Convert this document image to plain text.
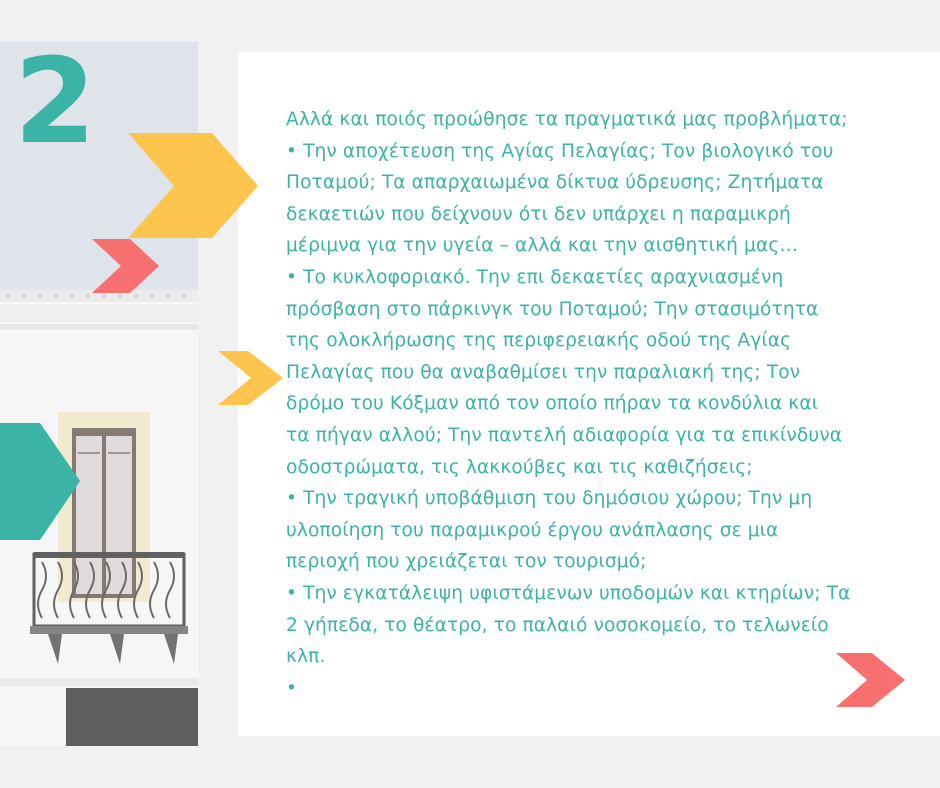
2	Αλλά και ποιός προώθησε τα πραγματικά μας προβλήματα;

• Την αποχέτευση της Αγίας Πελαγίας; Τον βιολογικό του

Ποταμού; Τα απαρχαιωμένα δίκτυα ύδρευσης; Ζητήματα

δεκαετιών που δείχνουν ότι δεν υπάρχει η παραμικρή

μέριμνα για την υγεία – αλλά και την αισθητική μας…

• Το κυκλοφοριακό. Την επι δεκαετίες αραχνιασμένη

πρόσβαση στο πάρκινγκ του Ποταμού; Την στασιμότητα

της ολοκλήρωσης της περιφερειακής οδού της Αγίας

Πελαγίας που θα αναβαθμίσει την παραλιακή της; Τον

δρόμο του Κόξμαν από τον οποίο πήραν τα κονδύλια και

τα πήγαν αλλού; Την παντελή αδιαφορία για τα επικίνδυνα

οδοστρώματα, τις λακκούβες και τις καθιζήσεις;

• Την τραγική υποβάθμιση του δημόσιου χώρου; Την μη

υλοποίηση του παραμικρού έργου ανάπλασης σε μια

περιοχή που χρειάζεται τον τουρισμό;

• Την εγκατάλειψη υφιστάμενων υποδομών και κτηρίων; Τα

2 γήπεδα, το θέατρο, το παλαιό νοσοκομείο, το τελωνείο

κλπ.

•
